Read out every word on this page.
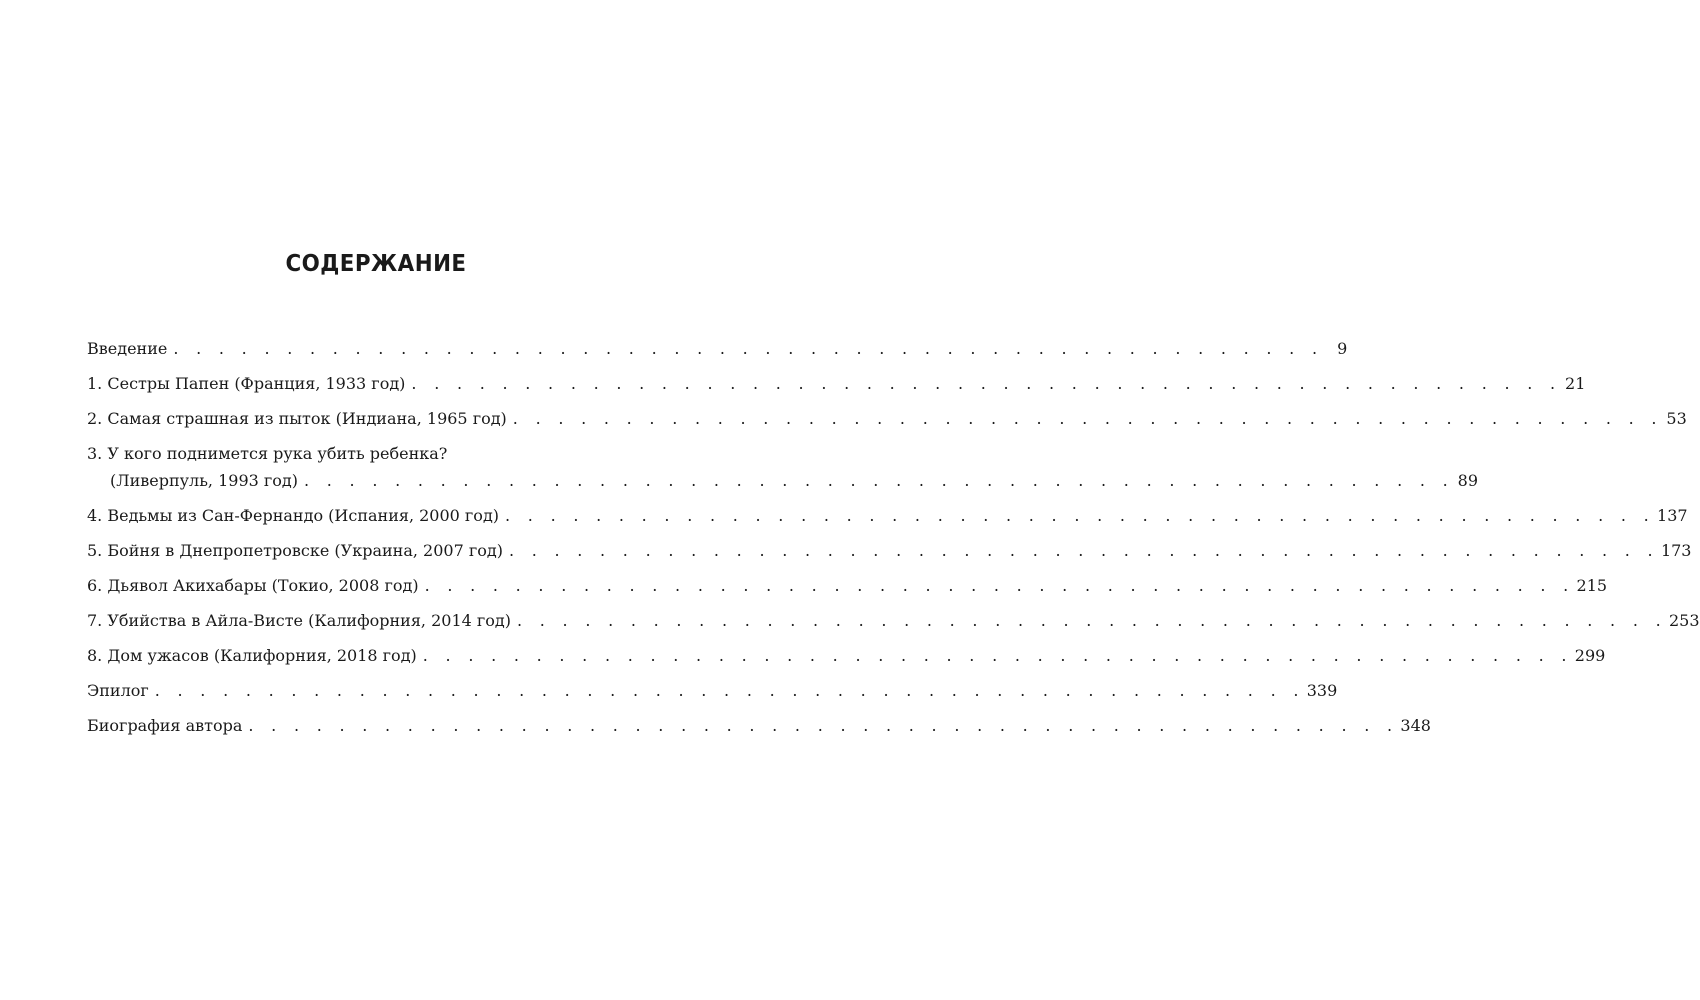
СОДЕРЖАНИЕ
Введение . . . . . . . . . . . . . . . . . . . . . . . . . . . . . . . . . . . . . . . . . . . . . . . . . . . 9
1. Сестры Папен (Франция, 1933 год) . . . . . . . . . . . . . . . . . . . . . . . . . . . . . . . . . . . . . . . . . . . . . . . . . . . 21
2. Самая страшная из пыток (Индиана, 1965 год) . . . . . . . . . . . . . . . . . . . . . . . . . . . . . . . . . . . . . . . . . . . . . . . . . . . 53
3. У кого поднимется рука убить ребенка?
(Ливерпуль, 1993 год) . . . . . . . . . . . . . . . . . . . . . . . . . . . . . . . . . . . . . . . . . . . . . . . . . . . 89
4. Ведьмы из Сан-Фернандо (Испания, 2000 год) . . . . . . . . . . . . . . . . . . . . . . . . . . . . . . . . . . . . . . . . . . . . . . . . . . . 137
5. Бойня в Днепропетровске (Украина, 2007 год) . . . . . . . . . . . . . . . . . . . . . . . . . . . . . . . . . . . . . . . . . . . . . . . . . . . 173
6. Дьявол Акихабары (Токио, 2008 год) . . . . . . . . . . . . . . . . . . . . . . . . . . . . . . . . . . . . . . . . . . . . . . . . . . . 215
7. Убийства в Айла-Висте (Калифорния, 2014 год) . . . . . . . . . . . . . . . . . . . . . . . . . . . . . . . . . . . . . . . . . . . . . . . . . . . 253
8. Дом ужасов (Калифорния, 2018 год) . . . . . . . . . . . . . . . . . . . . . . . . . . . . . . . . . . . . . . . . . . . . . . . . . . . 299
Эпилог . . . . . . . . . . . . . . . . . . . . . . . . . . . . . . . . . . . . . . . . . . . . . . . . . . . 339
Биография автора . . . . . . . . . . . . . . . . . . . . . . . . . . . . . . . . . . . . . . . . . . . . . . . . . . . 348
